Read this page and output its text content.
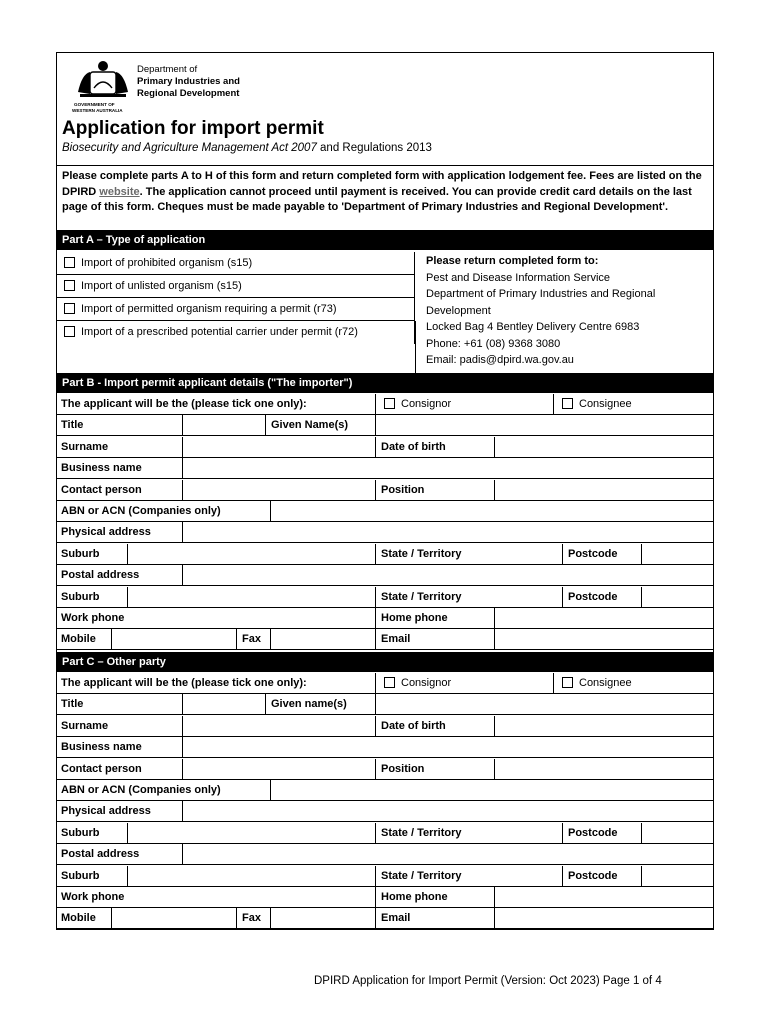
GOVERNMENT OF
WESTERN AUSTRALIA
Department of
Primary Industries and
Regional Development
Application for import permit
Biosecurity and Agriculture Management Act 2007 and Regulations 2013
Please complete parts A to H of this form and return completed form with application lodgement fee. Fees are listed on the DPIRD website. The application cannot proceed until payment is received. You can provide credit card details on the last page of this form. Cheques must be made payable to 'Department of Primary Industries and Regional Development'.
Part A – Type of application
Import of prohibited organism (s15)
Import of unlisted organism (s15)
Import of permitted organism requiring a permit (r73)
Import of a prescribed potential carrier under permit (r72)
Please return completed form to:
Pest and Disease Information Service
Department of Primary Industries and Regional
Development
Locked Bag 4 Bentley Delivery Centre 6983
Phone: +61 (08) 9368 3080
Email: padis@dpird.wa.gov.au
Part B - Import permit applicant details ("The importer")
The applicant will be the (please tick one only):	Consignor	Consignee
Title	Given Name(s)
Surname	Date of birth
Business name
Contact person	Position
ABN or ACN (Companies only)
Physical address
Suburb	State / Territory	Postcode
Postal address
Suburb	State / Territory	Postcode
Work phone	Home phone
Mobile	Fax	Email
Part C – Other party
The applicant will be the (please tick one only):	Consignor	Consignee
Title	Given name(s)
Surname	Date of birth
Business name
Contact person	Position
ABN or ACN (Companies only)
Physical address
Suburb	State / Territory	Postcode
Postal address
Suburb	State / Territory	Postcode
Work phone	Home phone
Mobile	Fax	Email
DPIRD Application for Import Permit (Version: Oct 2023) Page 1 of 4
